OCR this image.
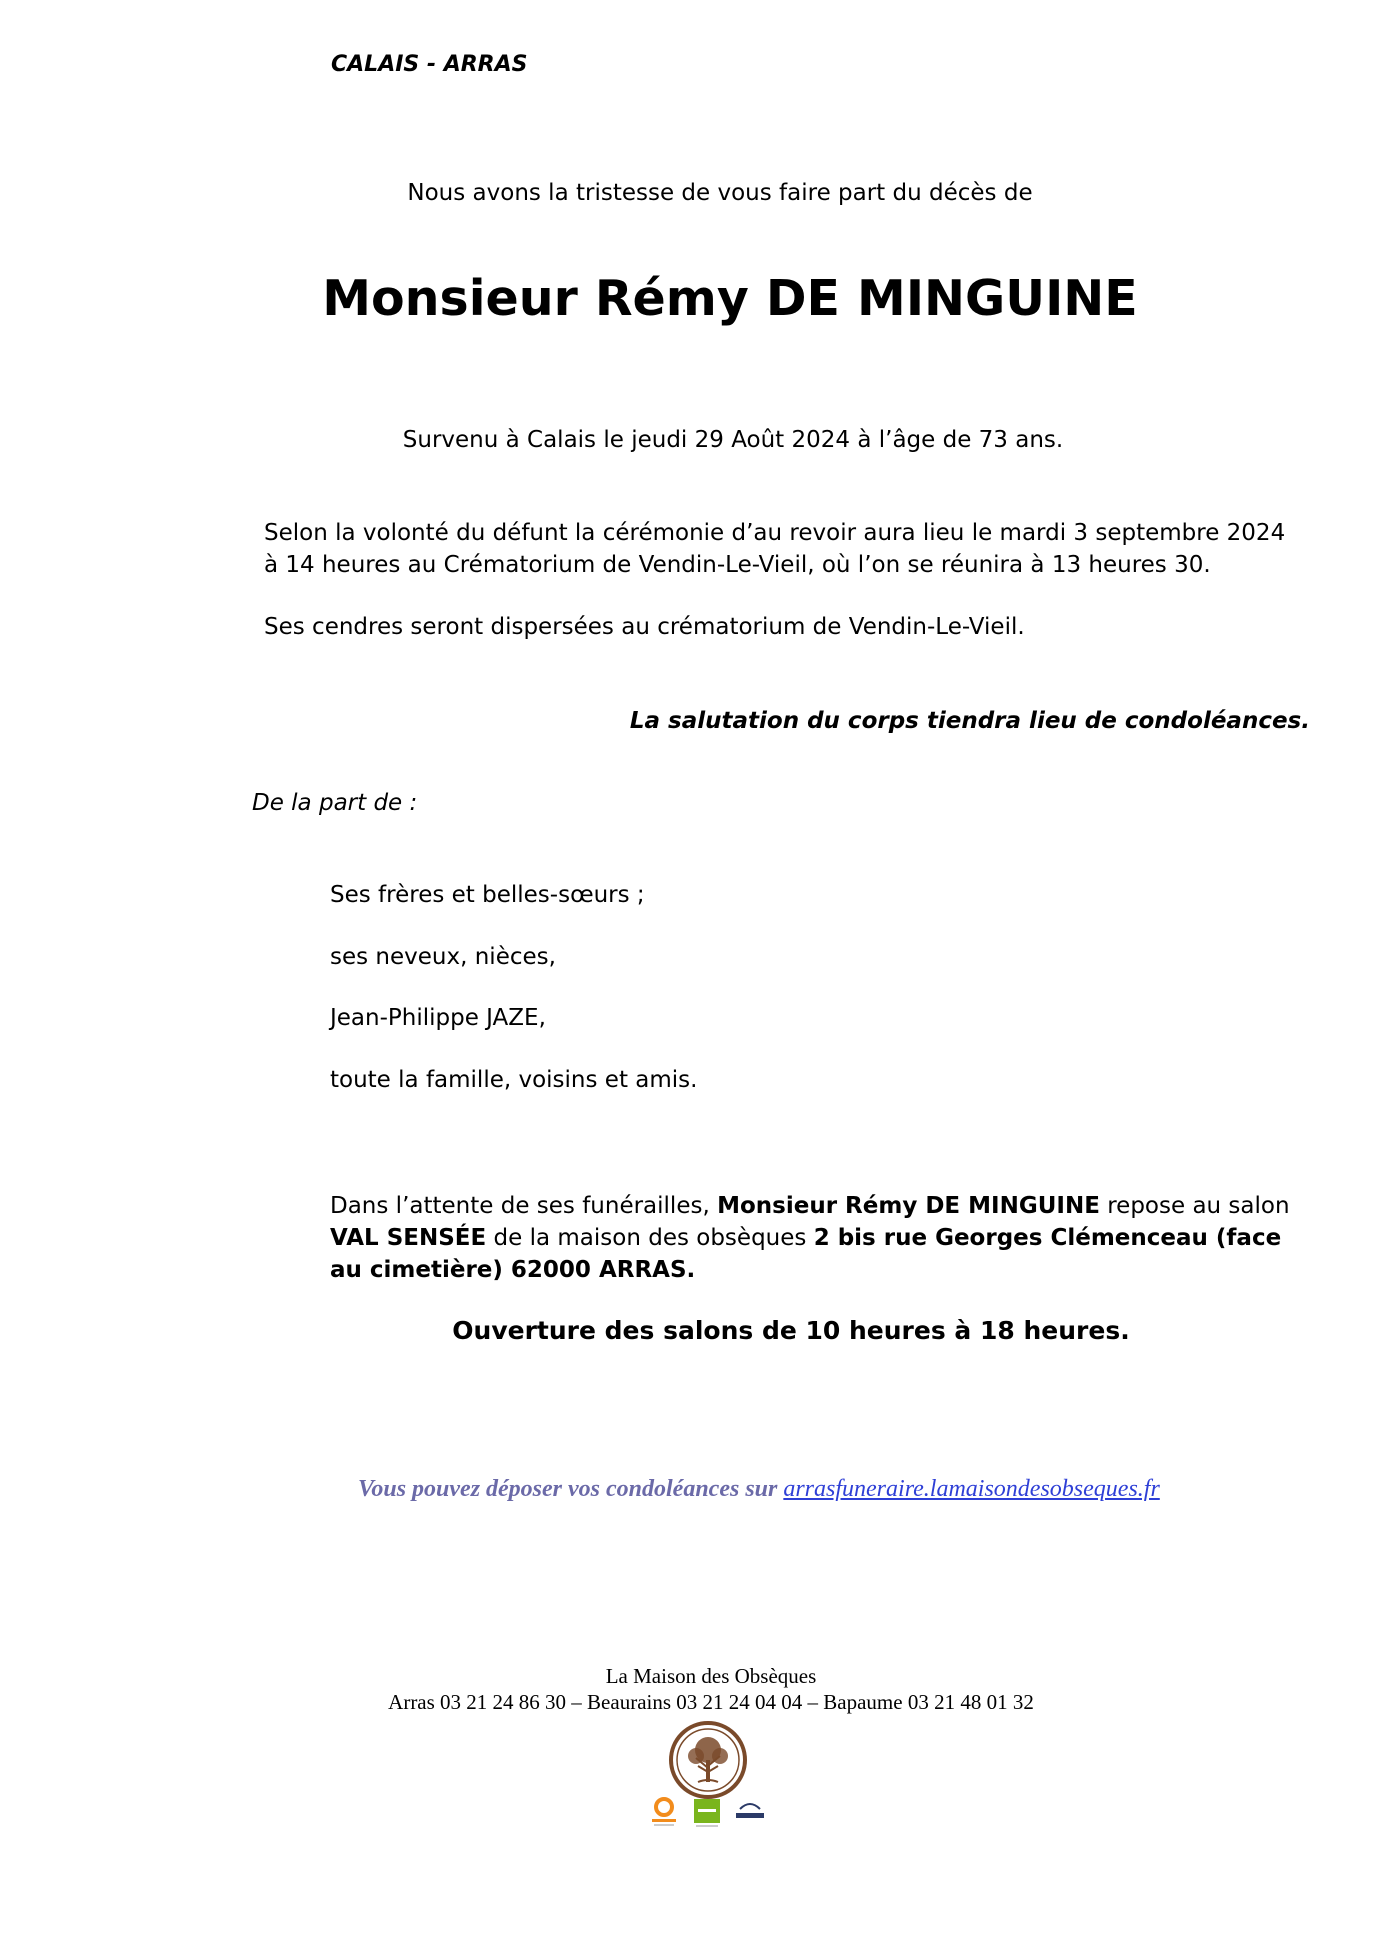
CALAIS - ARRAS
Nous avons la tristesse de vous faire part du décès de
Monsieur Rémy DE MINGUINE
Survenu à Calais le jeudi 29 Août 2024 à l’âge de 73 ans.
Selon la volonté du défunt la cérémonie d’au revoir aura lieu le mardi 3 septembre 2024
à 14 heures au Crématorium de Vendin-Le-Vieil, où l’on se réunira à 13 heures 30.
Ses cendres seront dispersées au crématorium de Vendin-Le-Vieil.
La salutation du corps tiendra lieu de condoléances.
De la part de :
Ses frères et belles-sœurs ;
ses neveux, nièces,
Jean-Philippe JAZE,
toute la famille, voisins et amis.
Dans l’attente de ses funérailles, Monsieur Rémy DE MINGUINE repose au salon
VAL SENSÉE de la maison des obsèques 2 bis rue Georges Clémenceau (face
au cimetière) 62000 ARRAS.
Ouverture des salons de 10 heures à 18 heures.
Vous pouvez déposer vos condoléances sur arrasfuneraire.lamaisondesobseques.fr
La Maison des Obsèques
Arras 03 21 24 86 30 – Beaurains 03 21 24 04 04 – Bapaume 03 21 48 01 32
